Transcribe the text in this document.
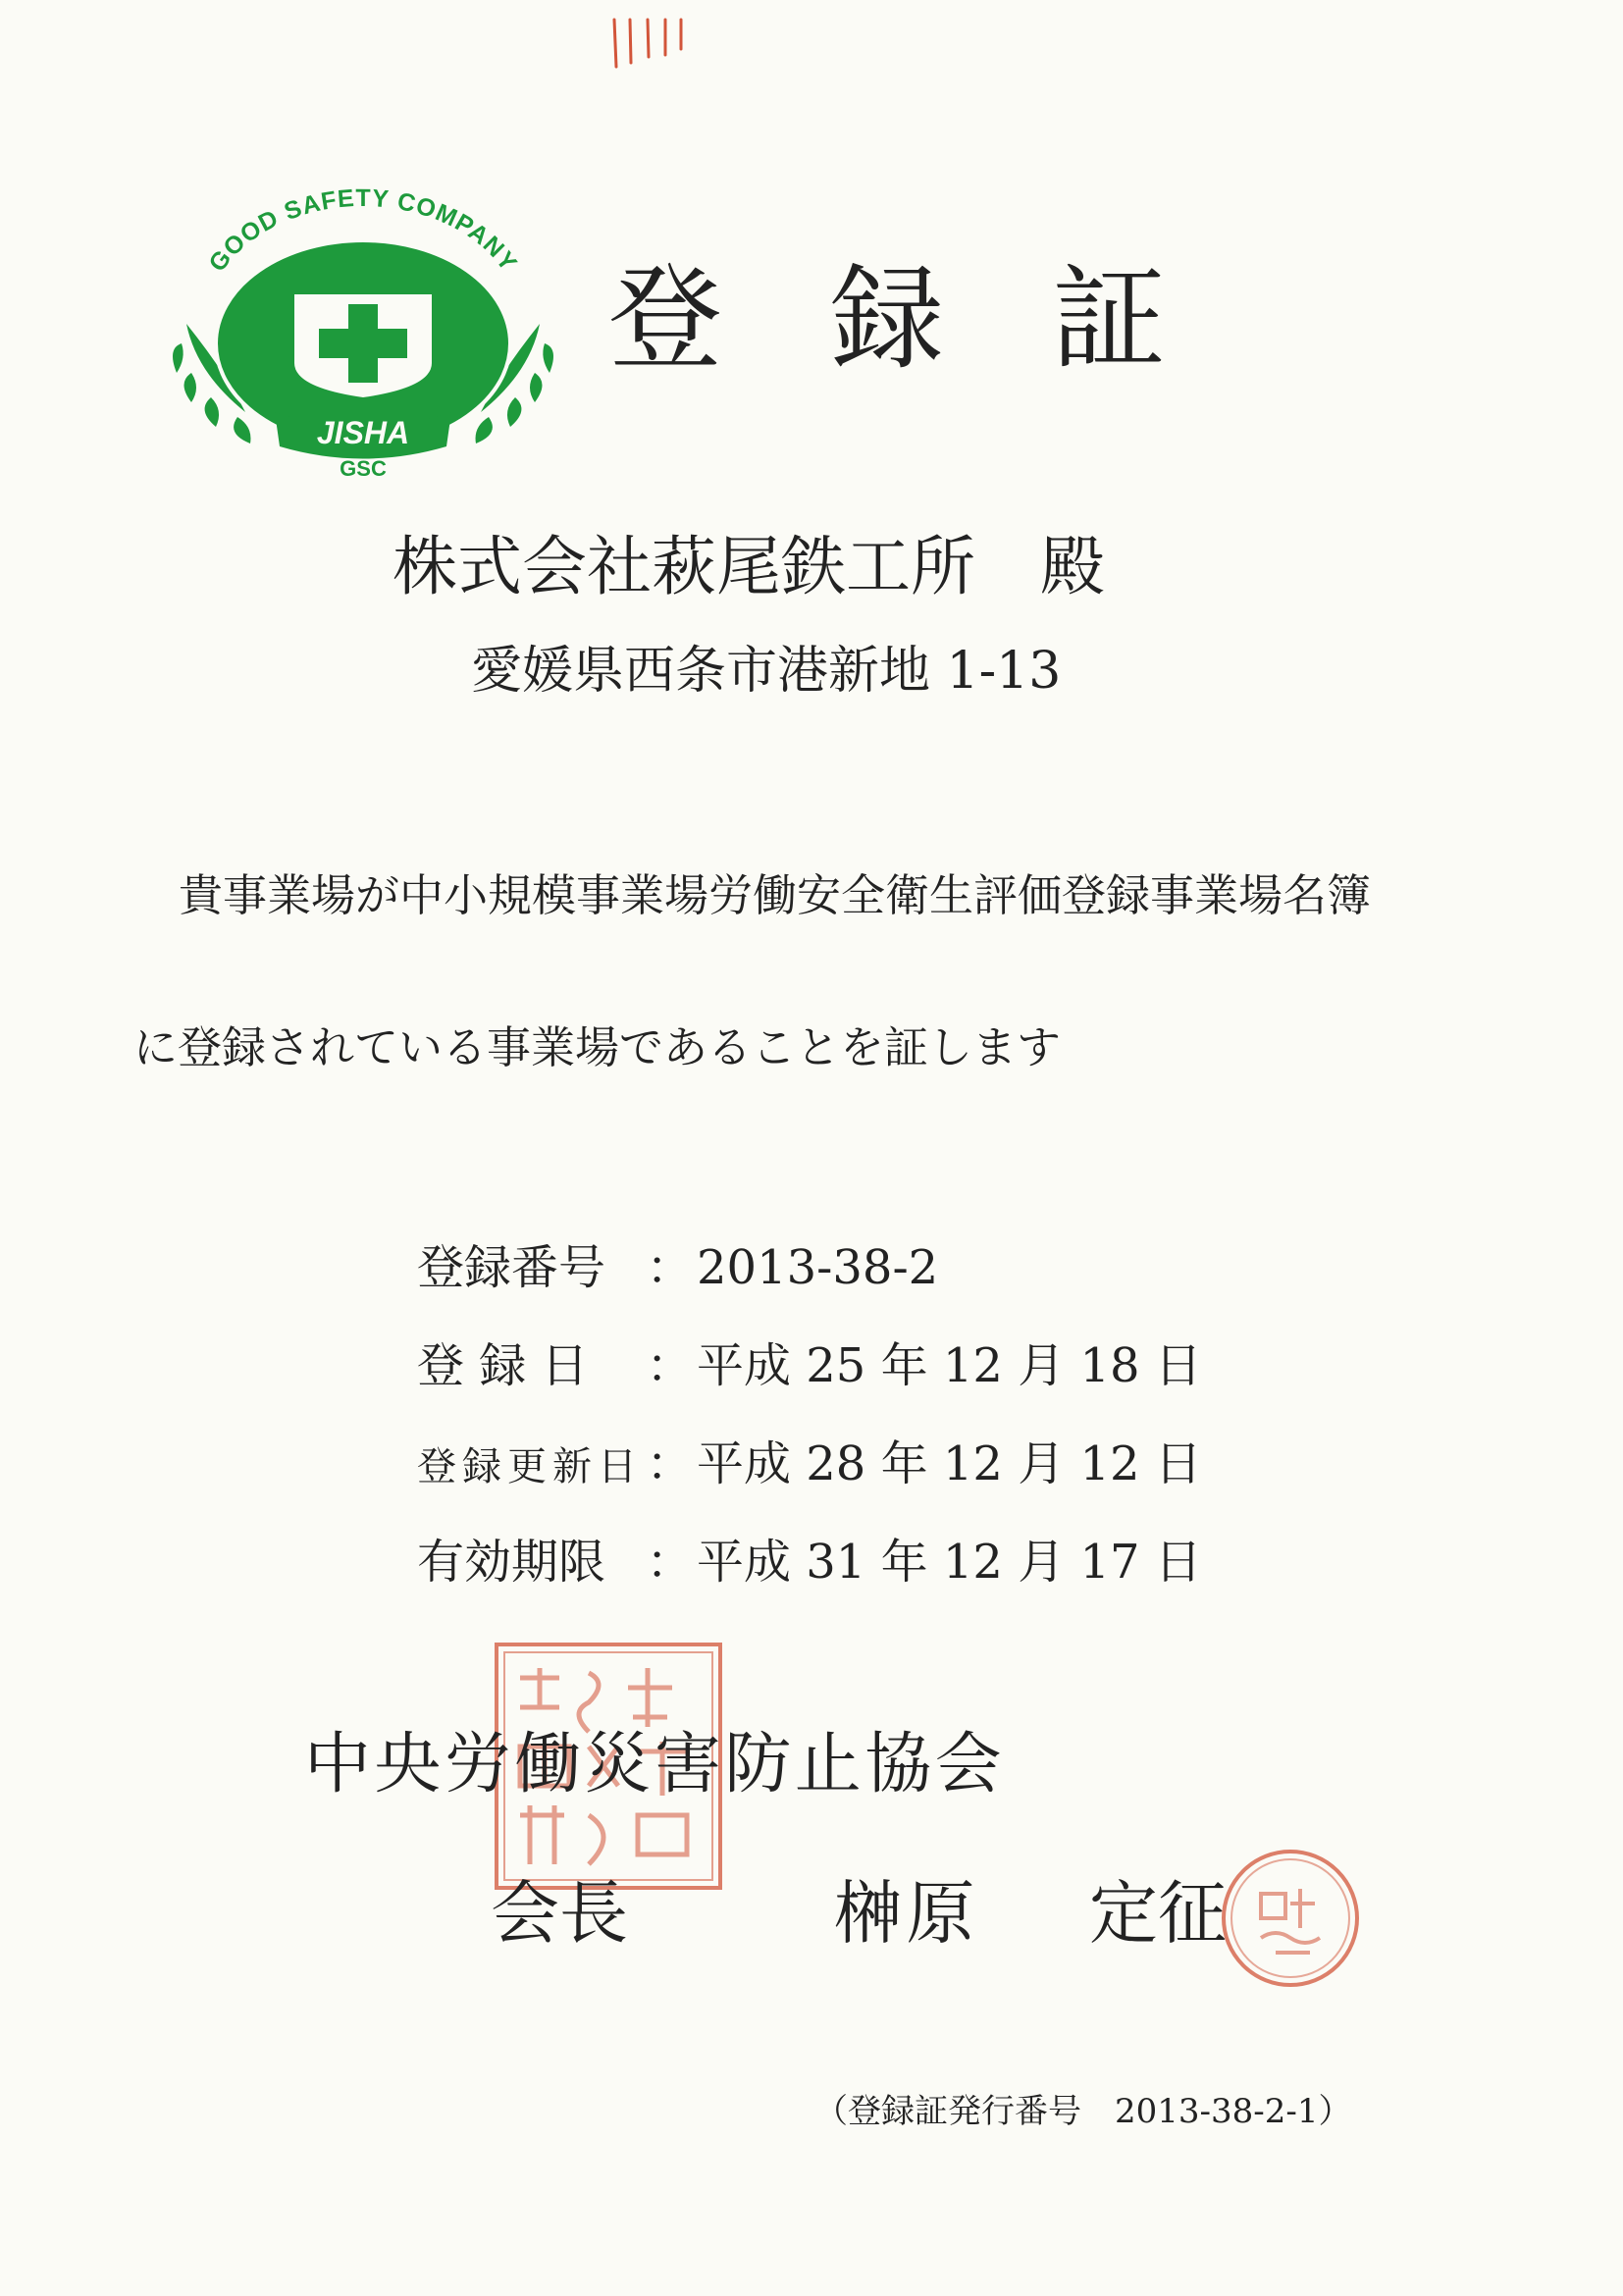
GOOD SAFETY COMPANY
JISHA
GSC
登録証
株式会社萩尾鉄工所　殿
愛媛県西条市港新地 1-13
貴事業場が中小規模事業場労働安全衛生評価登録事業場名簿
に登録されている事業場であることを証します
登録番号 ： 2013-38-2
登 録 日	： 平成 25 年 12 月 18 日
登録更新日 ： 平成 28 年 12 月 12 日
有効期限 ： 平成 31 年 12 月 17 日
中央労働災害防止協会
会長	榊原 定征
（登録証発行番号　2013-38-2-1）
